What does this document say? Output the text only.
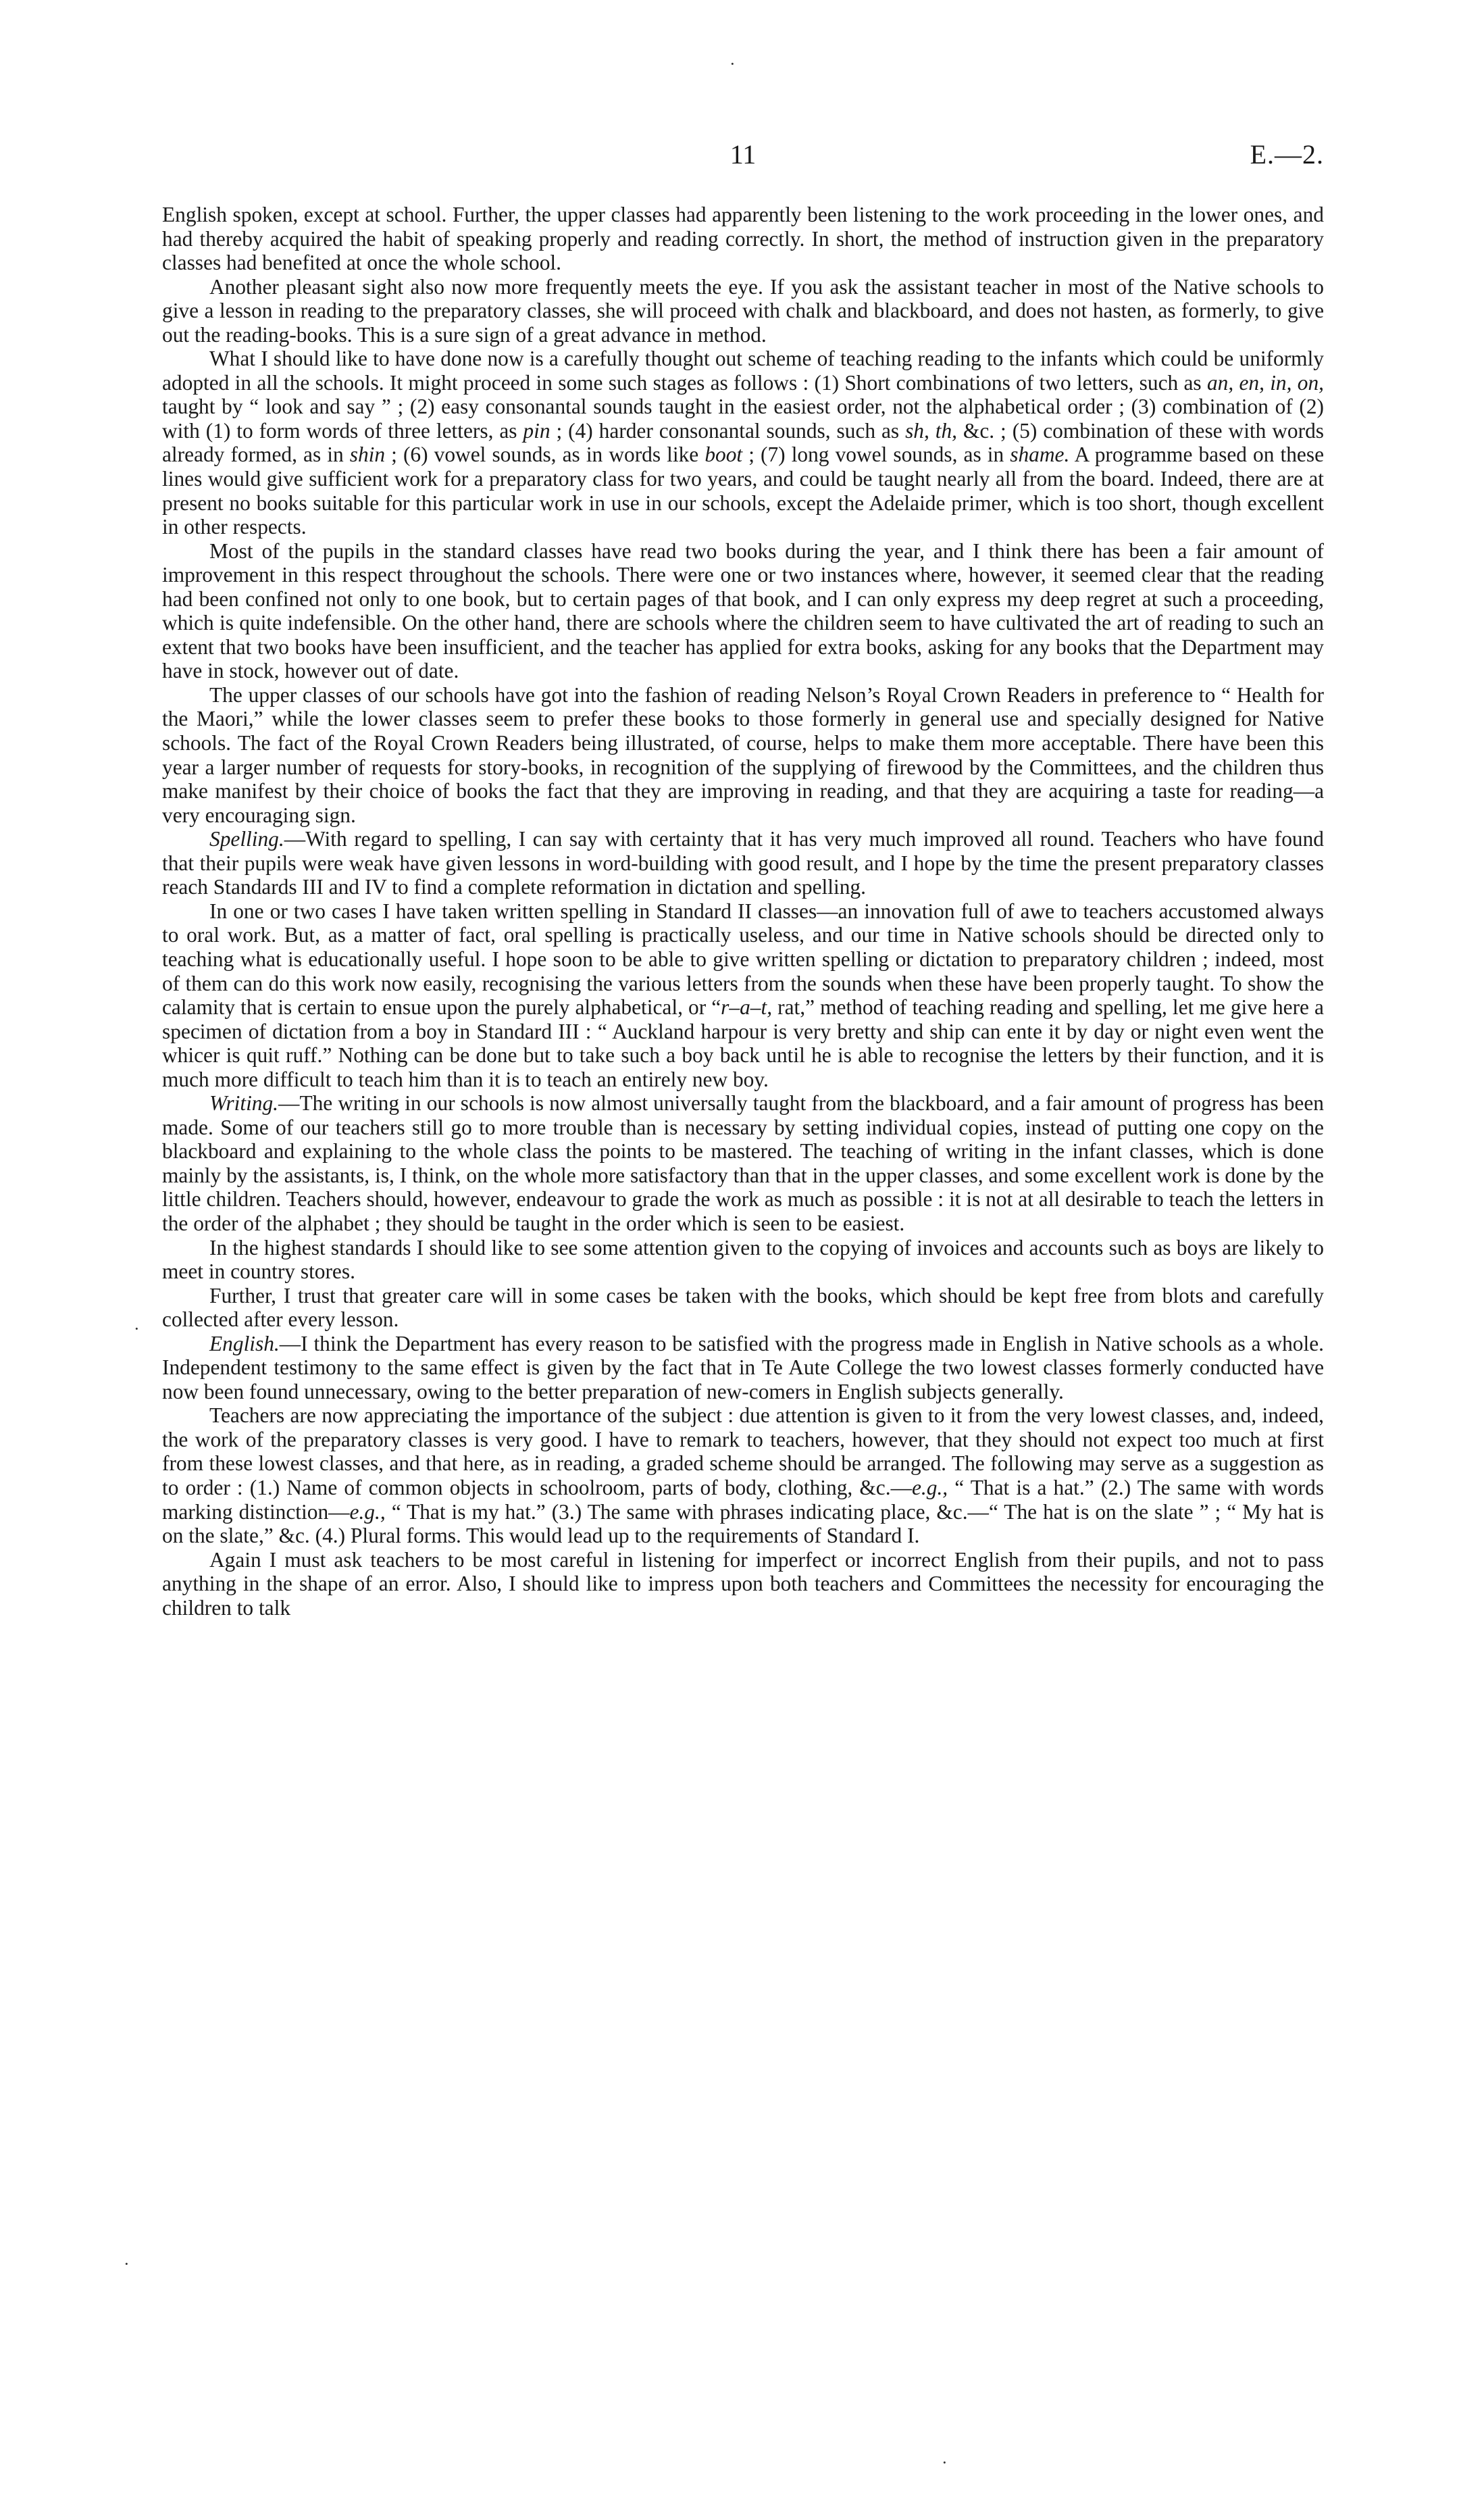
·
11	E.—2.

English spoken, except at school. Further, the upper classes had apparently been listening to the work proceeding in the lower ones, and had thereby acquired the habit of speaking properly and reading correctly. In short, the method of instruction given in the preparatory classes had benefited at once the whole school.

Another pleasant sight also now more frequently meets the eye. If you ask the assistant teacher in most of the Native schools to give a lesson in reading to the preparatory classes, she will proceed with chalk and blackboard, and does not hasten, as formerly, to give out the reading-books. This is a sure sign of a great advance in method.

What I should like to have done now is a carefully thought out scheme of teaching reading to the infants which could be uniformly adopted in all the schools. It might proceed in some such stages as follows : (1) Short combinations of two letters, such as an, en, in, on, taught by “ look and say ” ; (2) easy consonantal sounds taught in the easiest order, not the alphabetical order ; (3) combination of (2) with (1) to form words of three letters, as pin ; (4) harder consonantal sounds, such as sh, th, &c. ; (5) combination of these with words already formed, as in shin ; (6) vowel sounds, as in words like boot ; (7) long vowel sounds, as in shame. A programme based on these lines would give sufficient work for a preparatory class for two years, and could be taught nearly all from the board. Indeed, there are at present no books suitable for this particular work in use in our schools, except the Adelaide primer, which is too short, though excellent in other respects.

Most of the pupils in the standard classes have read two books during the year, and I think there has been a fair amount of improvement in this respect throughout the schools. There were one or two instances where, however, it seemed clear that the reading had been confined not only to one book, but to certain pages of that book, and I can only express my deep regret at such a proceeding, which is quite indefensible. On the other hand, there are schools where the children seem to have cultivated the art of reading to such an extent that two books have been insufficient, and the teacher has applied for extra books, asking for any books that the Department may have in stock, however out of date.

The upper classes of our schools have got into the fashion of reading Nelson’s Royal Crown Readers in preference to “ Health for the Maori,” while the lower classes seem to prefer these books to those formerly in general use and specially designed for Native schools. The fact of the Royal Crown Readers being illustrated, of course, helps to make them more acceptable. There have been this year a larger number of requests for story-books, in recognition of the supplying of firewood by the Committees, and the children thus make manifest by their choice of books the fact that they are improving in reading, and that they are acquiring a taste for reading—a very encouraging sign.

Spelling.—With regard to spelling, I can say with certainty that it has very much improved all round. Teachers who have found that their pupils were weak have given lessons in word-building with good result, and I hope by the time the present preparatory classes reach Standards III and IV to find a complete reformation in dictation and spelling.

In one or two cases I have taken written spelling in Standard II classes—an innovation full of awe to teachers accustomed always to oral work. But, as a matter of fact, oral spelling is practically useless, and our time in Native schools should be directed only to teaching what is educationally useful. I hope soon to be able to give written spelling or dictation to preparatory children ; indeed, most of them can do this work now easily, recognising the various letters from the sounds when these have been properly taught. To show the calamity that is certain to ensue upon the purely alphabetical, or “r–a–t, rat,” method of teaching reading and spelling, let me give here a specimen of dictation from a boy in Standard III : “ Auckland harpour is very bretty and ship can ente it by day or night even went the whicer is quit ruff.” Nothing can be done but to take such a boy back until he is able to recognise the letters by their function, and it is much more difficult to teach him than it is to teach an entirely new boy.

Writing.—The writing in our schools is now almost universally taught from the blackboard, and a fair amount of progress has been made. Some of our teachers still go to more trouble than is necessary by setting individual copies, instead of putting one copy on the blackboard and explaining to the whole class the points to be mastered. The teaching of writing in the infant classes, which is done mainly by the assistants, is, I think, on the whole more satisfactory than that in the upper classes, and some excellent work is done by the little children. Teachers should, however, endeavour to grade the work as much as possible : it is not at all desirable to teach the letters in the order of the alphabet ; they should be taught in the order which is seen to be easiest.

In the highest standards I should like to see some attention given to the copying of invoices and accounts such as boys are likely to meet in country stores.

Further, I trust that greater care will in some cases be taken with the books, which should be kept free from blots and carefully collected after every lesson.

English.—I think the Department has every reason to be satisfied with the progress made in English in Native schools as a whole. Independent testimony to the same effect is given by the fact that in Te Aute College the two lowest classes formerly conducted have now been found unnecessary, owing to the better preparation of new-comers in English subjects generally.

Teachers are now appreciating the importance of the subject : due attention is given to it from the very lowest classes, and, indeed, the work of the preparatory classes is very good. I have to remark to teachers, however, that they should not expect too much at first from these lowest classes, and that here, as in reading, a graded scheme should be arranged. The following may serve as a suggestion as to order : (1.) Name of common objects in schoolroom, parts of body, clothing, &c.—e.g., “ That is a hat.” (2.) The same with words marking distinction—e.g., “ That is my hat.” (3.) The same with phrases indicating place, &c.—“ The hat is on the slate ” ; “ My hat is on the slate,” &c. (4.) Plural forms. This would lead up to the requirements of Standard I.

Again I must ask teachers to be most careful in listening for imperfect or incorrect English from their pupils, and not to pass anything in the shape of an error. Also, I should like to impress upon both teachers and Committees the necessity for encouraging the children to talk

·
·
·
